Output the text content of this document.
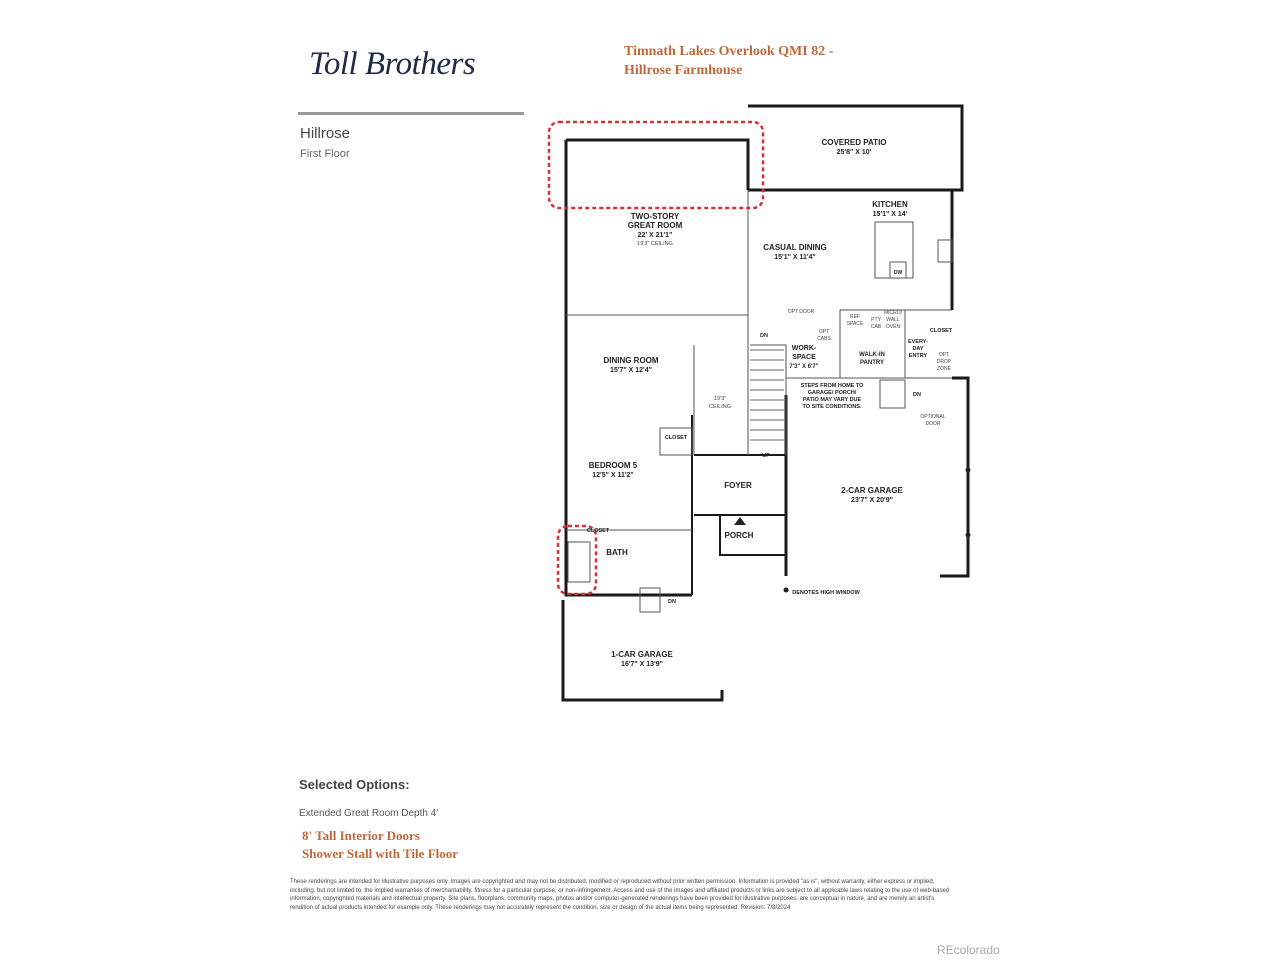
Toll Brothers	Timnath Lakes Overlook QMI 82 -
Hillrose Farmhouse
Hillrose
First Floor
COVERED PATIO
25'8" X 10'
KITCHEN
15'1" X 14'
TWO-STORY
GREAT ROOM
22' X 21'1"
19'3" CEILING	CASUAL DINING
15'1" X 11'4"
DINING ROOM
15'7" X 12'4"
BEDROOM 5
12'5" X 11'2"
FOYER
PORCH
BATH
2-CAR GARAGE
23'7" X 20'9"
1-CAR GARAGE
16'7" X 13'9"
WORK-
SPACE
7'3" X 6'7"
WALK-IN
PANTRY
EVERY-
DAY
ENTRY
19'3"
CEILING
STEPS FROM HOME TO
GARAGE/ PORCH/
PATIO MAY VARY DUE
TO SITE CONDITIONS.
DENOTES HIGH WINDOW
OPT DOOR
OPT
CABS
OPTIONAL
DOOR
OPT
DROP
ZONE
CLOSET
CLOSET
CLOSET
DN
UP
DN
DN
REF
SPACE
PTY
CAB
MICRO/
WALL
OVEN
DW
Selected Options:
Extended Great Room Depth 4'
8' Tall Interior Doors
Shower Stall with Tile Floor
These renderings are intended for illustrative purposes only. Images are copyrighted and may not be distributed, modified or reproduced without prior written permission. Information is provided "as is", without warranty, either express or implied, including, but not limited to, the implied warranties of merchantability, fitness for a particular purpose, or non-infringement. Access and use of the images and affiliated products or links are subject to all applicable laws relating to the use of web-based information, copyrighted materials and intellectual property. Site plans, floorplans, community maps, photos and/or computer-generated renderings have been provided for illustrative purposes, are conceptual in nature, and are merely an artist's rendition of actual products intended for example only. These renderings may not accurately represent the condition, size or design of the actual items being represented. Revision: 7/8/2024
REcolorado
